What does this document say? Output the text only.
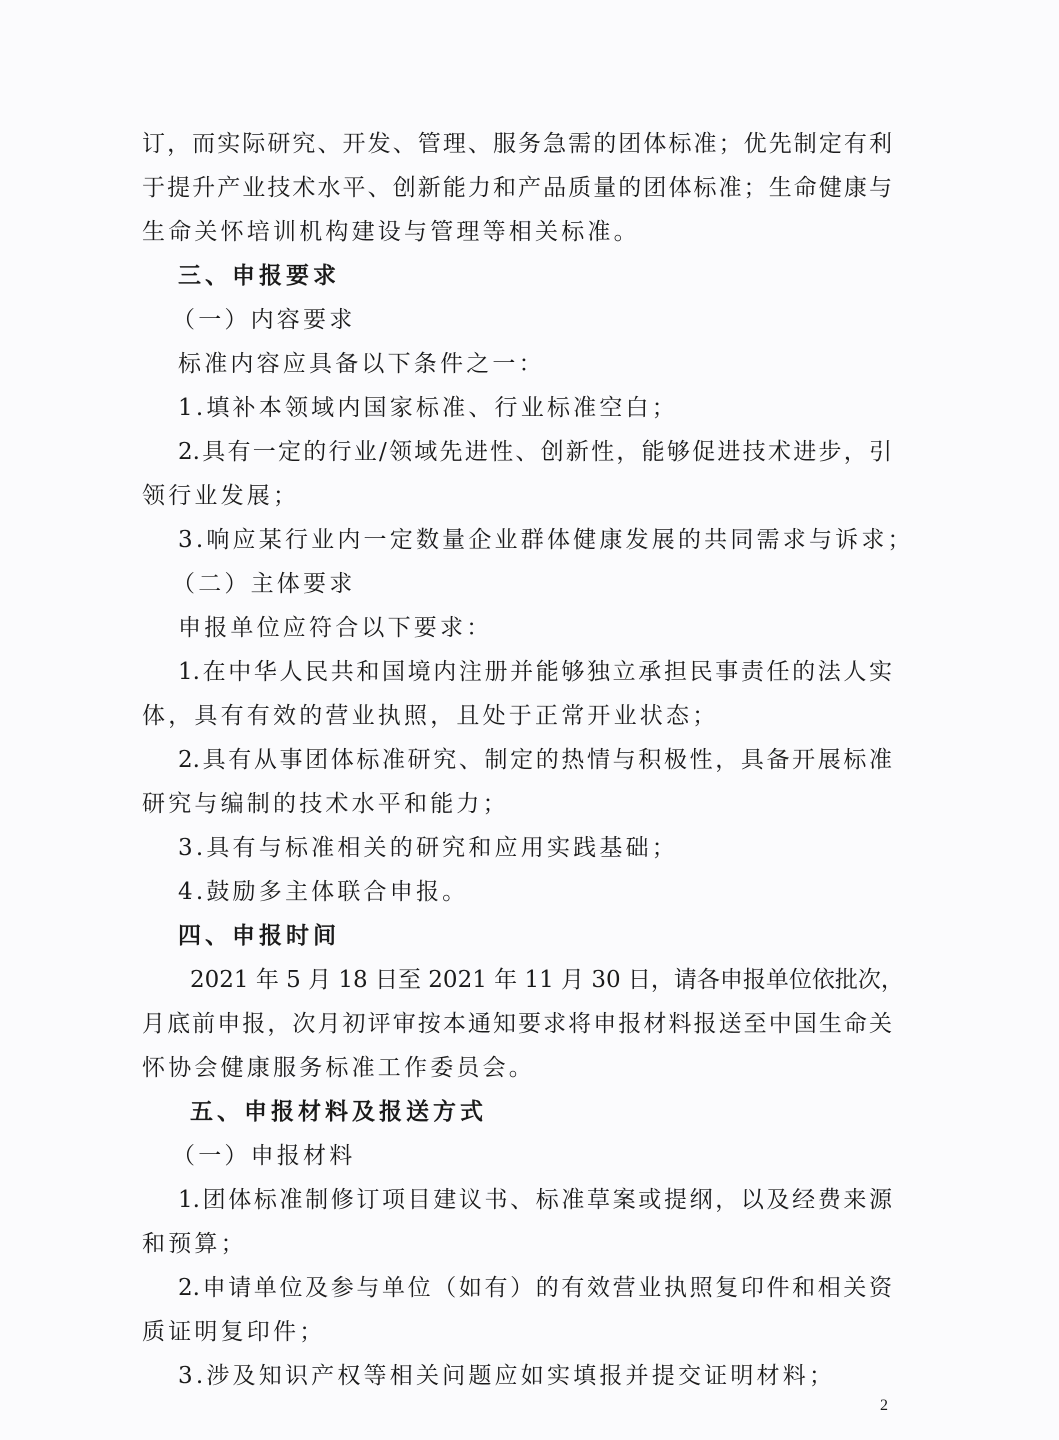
订，而实际研究、开发、管理、服务急需的团体标准；优先制定有利
于提升产业技术水平、创新能力和产品质量的团体标准；生命健康与
生命关怀培训机构建设与管理等相关标准。
三、申报要求
（一）内容要求
标准内容应具备以下条件之一：
1.填补本领域内国家标准、行业标准空白；
2.具有一定的行业/领域先进性、创新性，能够促进技术进步，引
领行业发展；
3.响应某行业内一定数量企业群体健康发展的共同需求与诉求；
（二）主体要求
申报单位应符合以下要求：
1.在中华人民共和国境内注册并能够独立承担民事责任的法人实
体，具有有效的营业执照，且处于正常开业状态；
2.具有从事团体标准研究、制定的热情与积极性，具备开展标准
研究与编制的技术水平和能力；
3.具有与标准相关的研究和应用实践基础；
4.鼓励多主体联合申报。
四、申报时间
2021 年 5 月 18 日至 2021 年 11 月 30 日，请各申报单位依批次，
月底前申报，次月初评审按本通知要求将申报材料报送至中国生命关
怀协会健康服务标准工作委员会。
五、申报材料及报送方式
（一）申报材料
1.团体标准制修订项目建议书、标准草案或提纲，以及经费来源
和预算；
2.申请单位及参与单位（如有）的有效营业执照复印件和相关资
质证明复印件；
3.涉及知识产权等相关问题应如实填报并提交证明材料；
2
